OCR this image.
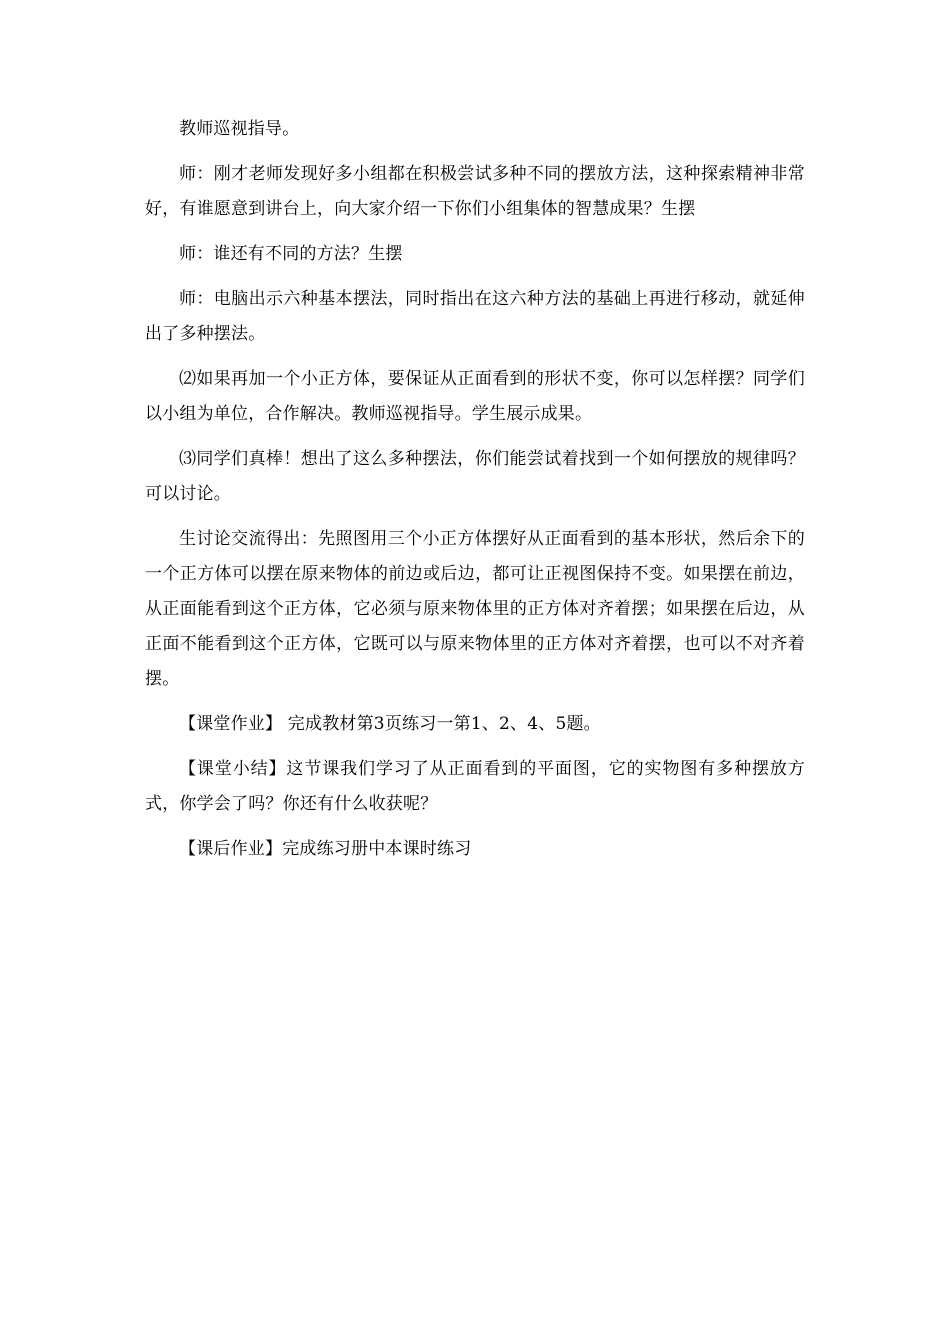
教师巡视指导。

师：刚才老师发现好多小组都在积极尝试多种不同的摆放方法，这种探索精神非常好，有谁愿意到讲台上，向大家介绍一下你们小组集体的智慧成果？生摆

师：谁还有不同的方法？生摆

师：电脑出示六种基本摆法，同时指出在这六种方法的基础上再进行移动，就延伸出了多种摆法。

⑵如果再加一个小正方体，要保证从正面看到的形状不变，你可以怎样摆？同学们以小组为单位，合作解决。教师巡视指导。学生展示成果。

⑶同学们真棒！想出了这么多种摆法，你们能尝试着找到一个如何摆放的规律吗？可以讨论。

生讨论交流得出：先照图用三个小正方体摆好从正面看到的基本形状，然后余下的一个正方体可以摆在原来物体的前边或后边，都可让正视图保持不变。如果摆在前边，从正面能看到这个正方体，它必须与原来物体里的正方体对齐着摆；如果摆在后边，从正面不能看到这个正方体，它既可以与原来物体里的正方体对齐着摆，也可以不对齐着摆。

【课堂作业】 完成教材第3页练习一第1、2、4、5题。

【课堂小结】这节课我们学习了从正面看到的平面图，它的实物图有多种摆放方式，你学会了吗？你还有什么收获呢？

【课后作业】完成练习册中本课时练习
